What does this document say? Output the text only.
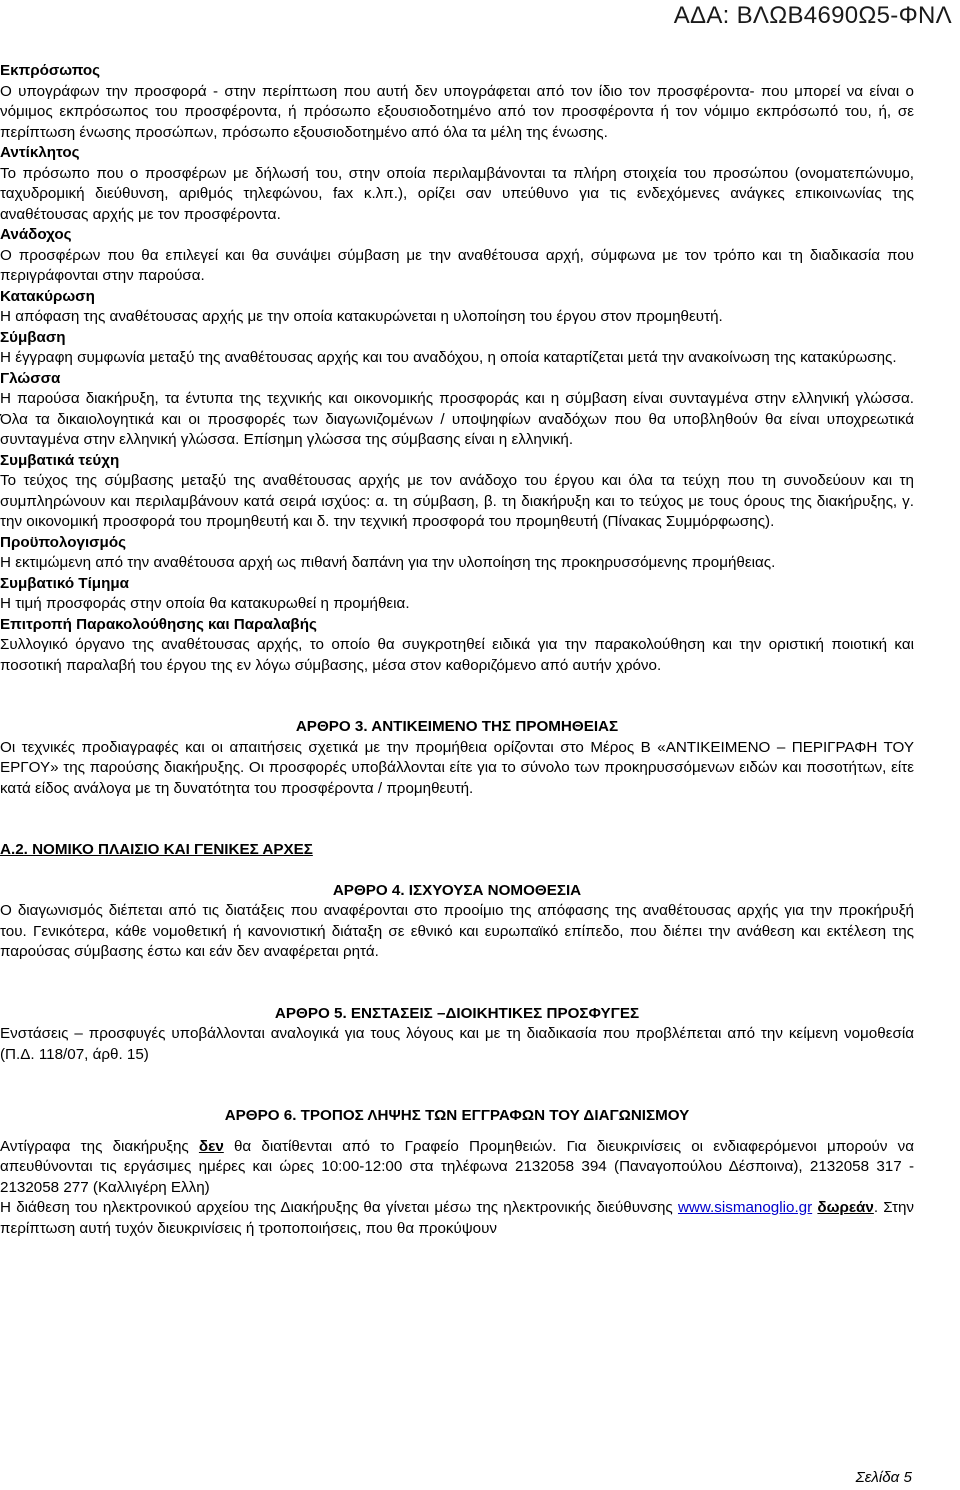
ΑΔΑ: ΒΛΩΒ4690Ω5-ΦΝΛ

Εκπρόσωπος

Ο υπογράφων την προσφορά - στην περίπτωση που αυτή δεν υπογράφεται από τον ίδιο τον προσφέροντα- που μπορεί να είναι ο νόμιμος εκπρόσωπος του προσφέροντα, ή πρόσωπο εξουσιοδοτημένο από τον προσφέροντα ή τον νόμιμο εκπρόσωπό του, ή, σε περίπτωση ένωσης προσώπων, πρόσωπο εξουσιοδοτημένο από όλα τα μέλη της ένωσης.

Αντίκλητος

Το πρόσωπο που ο προσφέρων με δήλωσή του, στην οποία περιλαμβάνονται τα πλήρη στοιχεία του προσώπου (ονοματεπώνυμο, ταχυδρομική διεύθυνση, αριθμός τηλεφώνου, fax κ.λπ.), ορίζει σαν υπεύθυνο για τις ενδεχόμενες ανάγκες επικοινωνίας της αναθέτουσας αρχής με τον προσφέροντα.

Ανάδοχος

Ο προσφέρων που θα επιλεγεί και θα συνάψει σύμβαση με την αναθέτουσα αρχή, σύμφωνα με τον τρόπο και τη διαδικασία που περιγράφονται στην παρούσα.

Κατακύρωση

Η απόφαση της αναθέτουσας αρχής με την οποία κατακυρώνεται η υλοποίηση του έργου στον προμηθευτή.

Σύμβαση

Η έγγραφη συμφωνία μεταξύ της αναθέτουσας αρχής και του αναδόχου, η οποία καταρτίζεται μετά την ανακοίνωση της κατακύρωσης.

Γλώσσα

Η παρούσα διακήρυξη, τα έντυπα της τεχνικής και οικονομικής προσφοράς και η σύμβαση είναι συνταγμένα στην ελληνική γλώσσα. Όλα τα δικαιολογητικά και οι προσφορές των διαγωνιζομένων / υποψηφίων αναδόχων που θα υποβληθούν θα είναι υποχρεωτικά συνταγμένα στην ελληνική γλώσσα. Επίσημη γλώσσα της σύμβασης είναι η ελληνική.

Συμβατικά τεύχη

Το τεύχος της σύμβασης μεταξύ της αναθέτουσας αρχής με τον ανάδοχο του έργου και όλα τα τεύχη που τη συνοδεύουν και τη συμπληρώνουν και περιλαμβάνουν κατά σειρά ισχύος: α. τη σύμβαση, β. τη διακήρυξη και το τεύχος με τους όρους της διακήρυξης, γ. την οικονομική προσφορά του προμηθευτή και δ. την τεχνική προσφορά του προμηθευτή (Πίνακας Συμμόρφωσης).

Προϋπολογισμός

Η εκτιμώμενη από την αναθέτουσα αρχή ως πιθανή δαπάνη για την υλοποίηση της προκηρυσσόμενης προμήθειας.

Συμβατικό Τίμημα

Η τιμή προσφοράς στην οποία θα κατακυρωθεί η προμήθεια.

Επιτροπή Παρακολούθησης και Παραλαβής

Συλλογικό όργανο της αναθέτουσας αρχής, το οποίο θα συγκροτηθεί ειδικά για την παρακολούθηση και την οριστική ποιοτική και ποσοτική παραλαβή του έργου της εν λόγω σύμβασης, μέσα στον καθοριζόμενο από αυτήν χρόνο.

ΑΡΘΡΟ 3. ΑΝΤΙΚΕΙΜΕΝΟ ΤΗΣ ΠΡΟΜΗΘΕΙΑΣ

Οι τεχνικές προδιαγραφές και οι απαιτήσεις σχετικά με την προμήθεια ορίζονται στο Μέρος Β «ΑΝΤΙΚΕΙΜΕΝΟ – ΠΕΡΙΓΡΑΦΗ ΤΟΥ ΕΡΓΟΥ» της παρούσης διακήρυξης. Οι προσφορές υποβάλλονται είτε για το σύνολο των προκηρυσσόμενων ειδών και ποσοτήτων, είτε κατά είδος ανάλογα με τη δυνατότητα του προσφέροντα / προμηθευτή.

Α.2. ΝΟΜΙΚΟ ΠΛΑΙΣΙΟ ΚΑΙ ΓΕΝΙΚΕΣ ΑΡΧΕΣ

ΑΡΘΡΟ 4. ΙΣΧΥΟΥΣΑ ΝΟΜΟΘΕΣΙΑ

Ο διαγωνισμός διέπεται από τις διατάξεις που αναφέρονται στο προοίμιο της απόφασης της αναθέτουσας αρχής για την προκήρυξή του. Γενικότερα, κάθε νομοθετική ή κανονιστική διάταξη σε εθνικό και ευρωπαϊκό επίπεδο, που διέπει την ανάθεση και εκτέλεση της παρούσας σύμβασης έστω και εάν δεν αναφέρεται ρητά.

ΑΡΘΡΟ 5. ΕΝΣΤΑΣΕΙΣ –ΔΙΟΙΚΗΤΙΚΕΣ ΠΡΟΣΦΥΓΕΣ

Ενστάσεις – προσφυγές υποβάλλονται αναλογικά για τους λόγους και με τη διαδικασία που προβλέπεται από την κείμενη νομοθεσία (Π.Δ. 118/07, άρθ. 15)

ΑΡΘΡΟ 6. ΤΡΟΠΟΣ ΛΗΨΗΣ ΤΩΝ ΕΓΓΡΑΦΩΝ ΤΟΥ ΔΙΑΓΩΝΙΣΜΟΥ

Αντίγραφα της διακήρυξης δεν θα διατίθενται από το Γραφείο Προμηθειών. Για διευκρινίσεις οι ενδιαφερόμενοι μπορούν να απευθύνονται τις εργάσιμες ημέρες και ώρες 10:00-12:00 στα τηλέφωνα 2132058 394 (Παναγοπούλου Δέσποινα), 2132058 317 - 2132058 277 (Καλλιγέρη Ελλη)

Η διάθεση του ηλεκτρονικού αρχείου της Διακήρυξης θα γίνεται μέσω της ηλεκτρονικής διεύθυνσης www.sismanoglio.gr δωρεάν. Στην περίπτωση αυτή τυχόν διευκρινίσεις ή τροποποιήσεις, που θα προκύψουν

Σελίδα 5
